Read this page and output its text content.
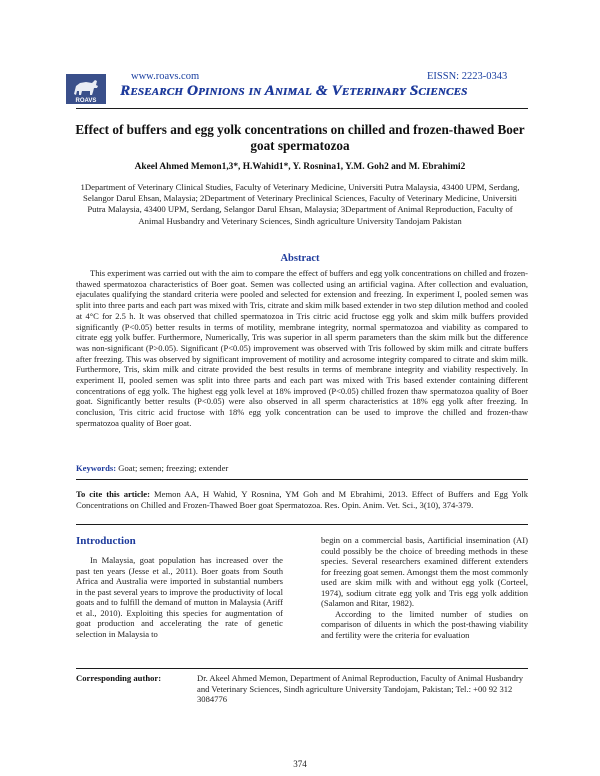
www.roavs.com	EISSN: 2223-0343
ROAVS
Research Opinions in Animal & Veterinary Sciences
Effect of buffers and egg yolk concentrations on chilled and frozen-thawed Boer goat spermatozoa
Akeel Ahmed Memon1,3*, H.Wahid1*, Y. Rosnina1, Y.M. Goh2 and M. Ebrahimi2
1Department of Veterinary Clinical Studies, Faculty of Veterinary Medicine, Universiti Putra Malaysia, 43400 UPM, Serdang, Selangor Darul Ehsan, Malaysia; 2Department of Veterinary Preclinical Sciences, Faculty of Veterinary Medicine, Universiti Putra Malaysia, 43400 UPM, Serdang, Selangor Darul Ehsan, Malaysia; 3Department of Animal Reproduction, Faculty of Animal Husbandry and Veterinary Sciences, Sindh agriculture University Tandojam Pakistan
Abstract
This experiment was carried out with the aim to compare the effect of buffers and egg yolk concentrations on chilled and frozen-thawed spermatozoa characteristics of Boer goat. Semen was collected using an artificial vagina. After collection and evaluation, ejaculates qualifying the standard criteria were pooled and selected for extension and freezing. In experiment I, pooled semen was split into three parts and each part was mixed with Tris, citrate and skim milk based extender in two step dilution method and cooled at 4°C for 2.5 h. It was observed that chilled spermatozoa in Tris citric acid fructose egg yolk and skim milk buffers provided significantly (P<0.05) better results in terms of motility, membrane integrity, normal spermatozoa and viability as compared to citrate egg yolk buffer. Furthermore, Numerically, Tris was superior in all sperm parameters than the skim milk but the difference was non-significant (P>0.05). Significant (P<0.05) improvement was observed with Tris followed by skim milk and citrate buffers after freezing. This was observed by significant improvement of motility and acrosome integrity compared to citrate and skim milk. Furthermore, Tris, skim milk and citrate provided the best results in terms of membrane integrity and viability respectively. In experiment II, pooled semen was split into three parts and each part was mixed with Tris based extender containing different concentrations of egg yolk. The highest egg yolk level at 18% improved (P<0.05) chilled frozen thaw spermatozoa quality of Boer goat. Significantly better results (P<0.05) were also observed in all sperm characteristics at 18% egg yolk after freezing. In conclusion, Tris citric acid fructose with 18% egg yolk concentration can be used to improve the chilled and frozen-thaw spermatozoa quality of Boer goat.
Keywords: Goat; semen; freezing; extender
To cite this article: Memon AA, H Wahid, Y Rosnina, YM Goh and M Ebrahimi, 2013. Effect of Buffers and Egg Yolk Concentrations on Chilled and Frozen-Thawed Boer goat Spermatozoa. Res. Opin. Anim. Vet. Sci., 3(10), 374-379.
Introduction

In Malaysia, goat population has increased over the past ten years (Jesse et al., 2011). Boer goats from South Africa and Australia were imported in substantial numbers in the past several years to improve the productivity of local goats and to fulfill the demand of mutton in Malaysia (Ariff et al., 2010). Exploiting this species for augmentation of goat production and accelerating the rate of genetic selection in Malaysia to

begin on a commercial basis, Aartificial insemination (AI) could possibly be the choice of breeding methods in these species. Several researchers examined different extenders for freezing goat semen. Amongst them the most commonly used are skim milk with and without egg yolk (Corteel, 1974), sodium citrate egg yolk and Tris egg yolk addition (Salamon and Ritar, 1982).

According to the limited number of studies on comparison of diluents in which the post-thawing viability and fertility were the criteria for evaluation

Corresponding author:	Dr. Akeel Ahmed Memon, Department of Animal Reproduction, Faculty of Animal Husbandry and Veterinary Sciences, Sindh agriculture University Tandojam, Pakistan; Tel.: +00 92 312 3084776
374
